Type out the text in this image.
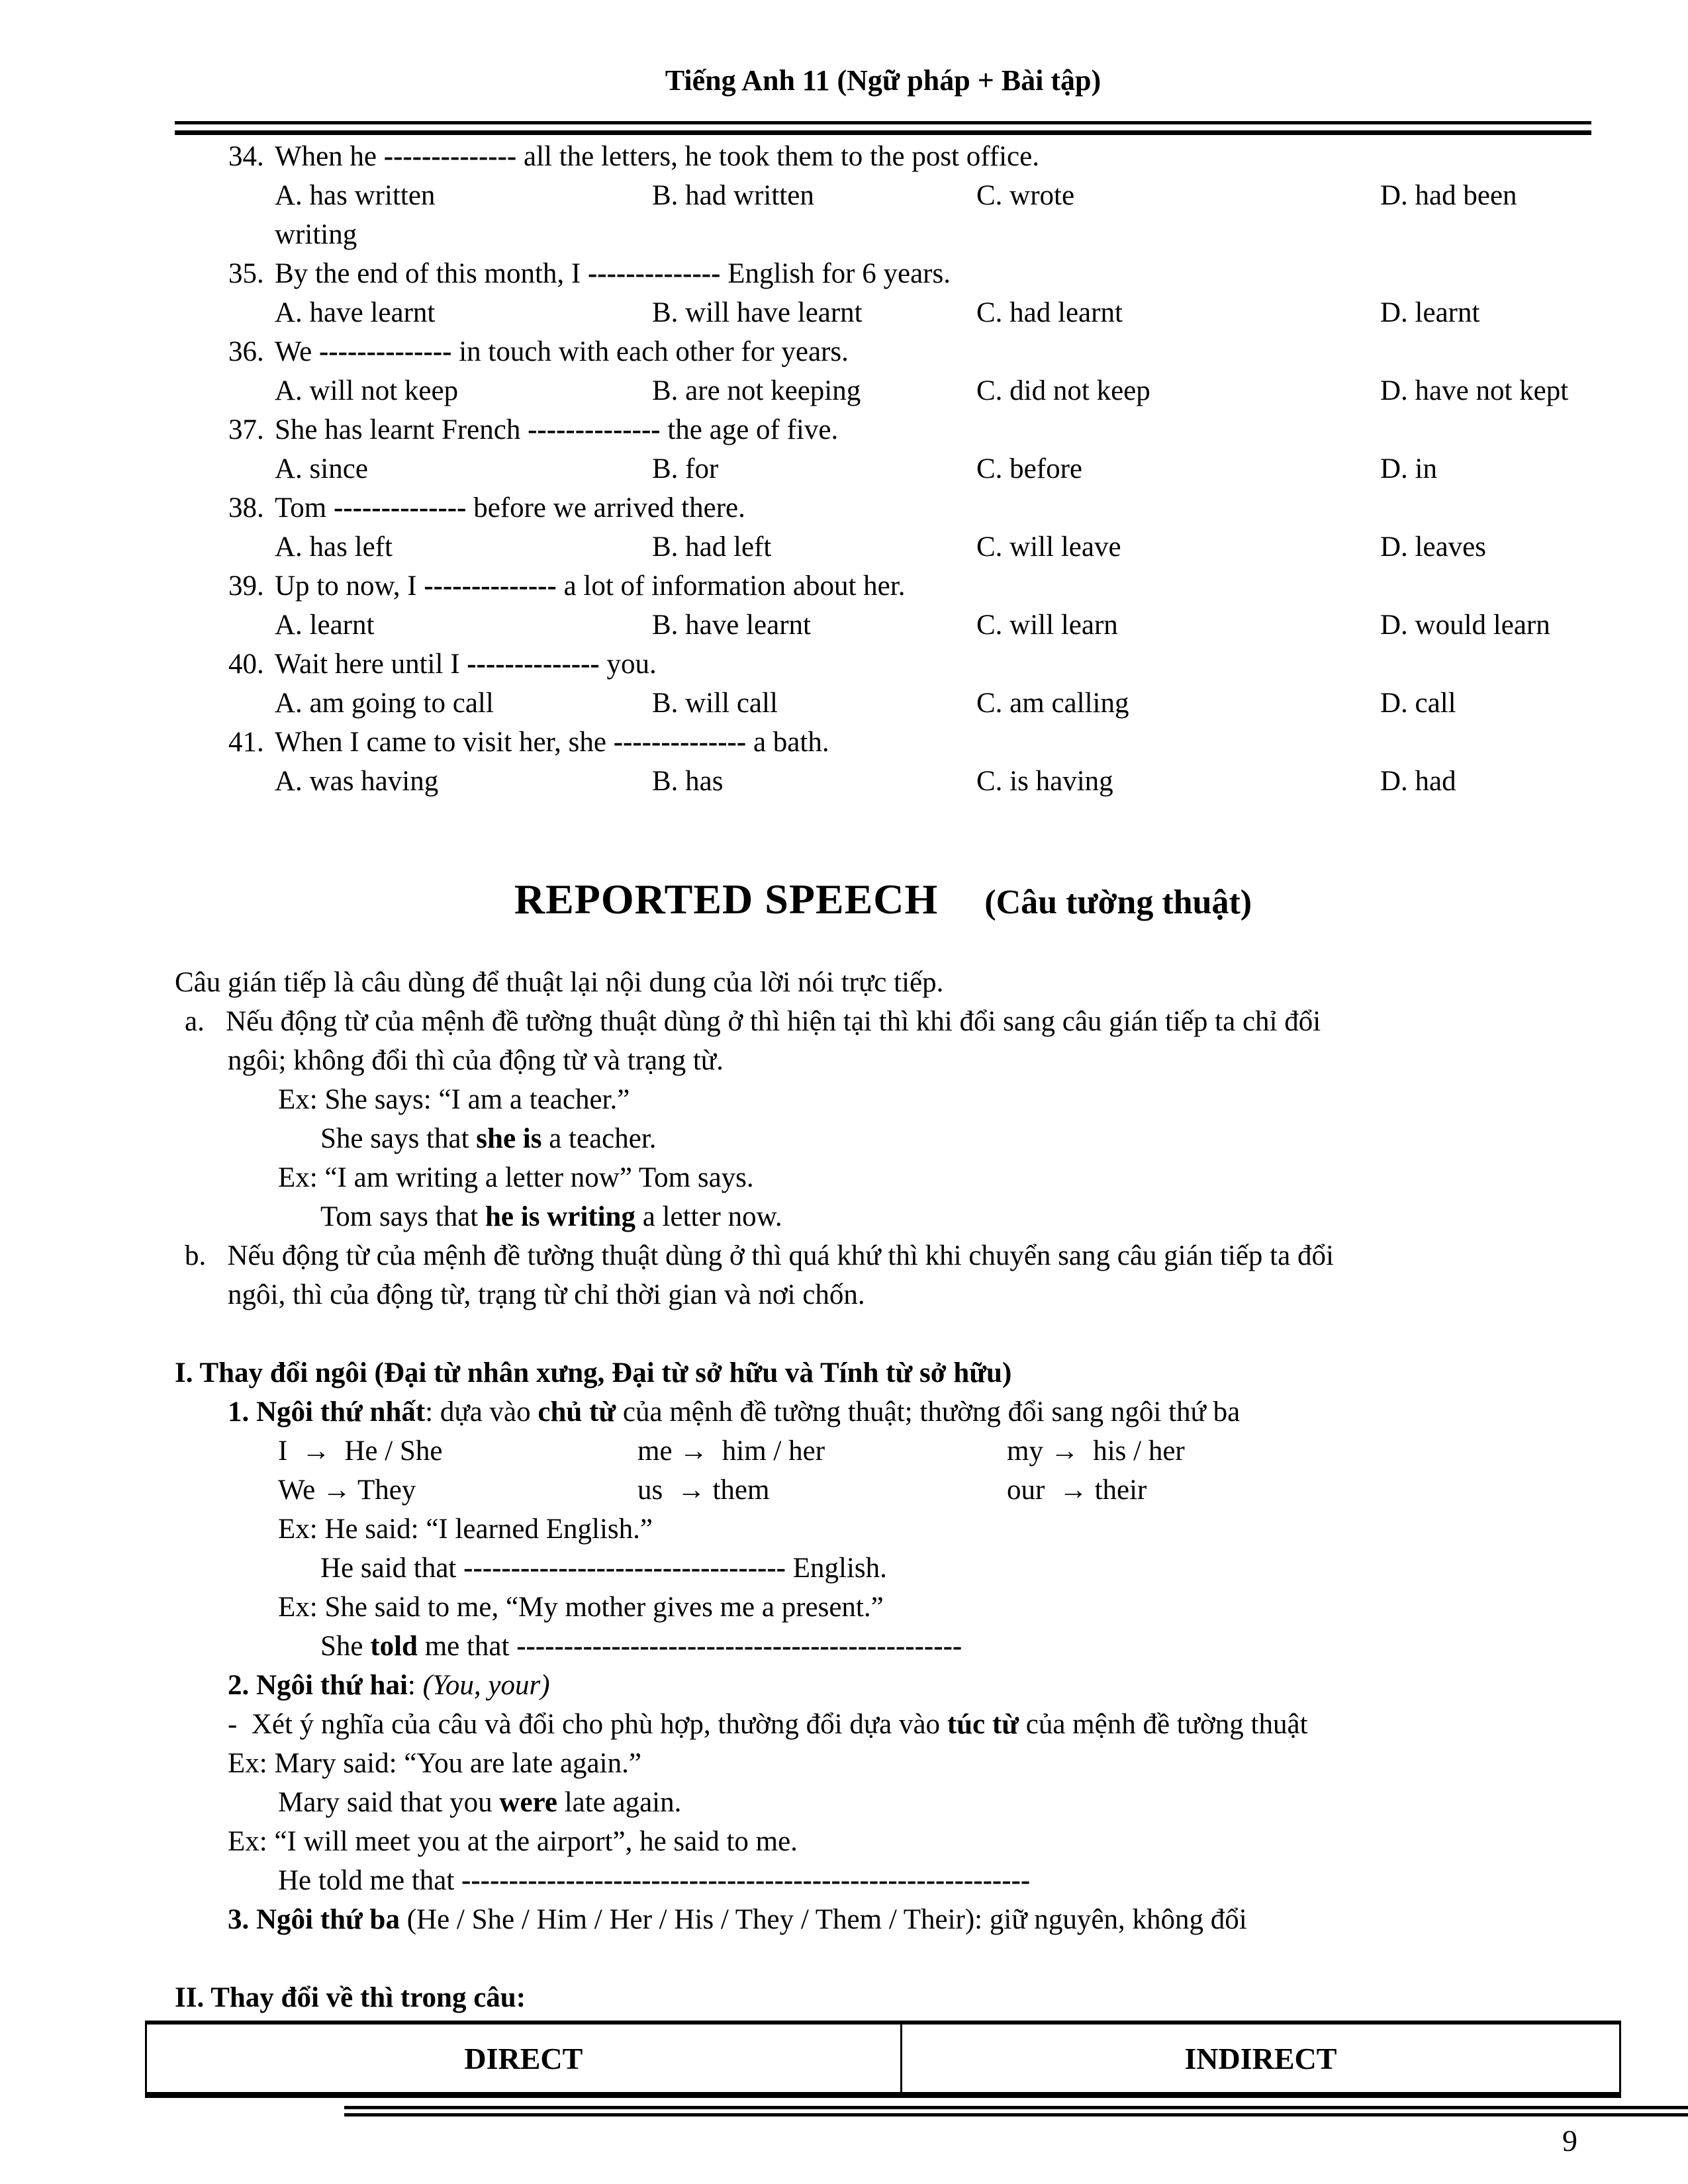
Tiếng Anh 11 (Ngữ pháp + Bài tập)
34. When he -------------- all the letters, he took them to the post office.
A. has written	B. had written	C. wrote	D. had been
writing
35. By the end of this month, I -------------- English for 6 years.
A. have learnt	B. will have learnt	C. had learnt	D. learnt
36. We -------------- in touch with each other for years.
A. will not keep	B. are not keeping	C. did not keep	D. have not kept
37. She has learnt French -------------- the age of five.
A. since	B. for	C. before	D. in
38. Tom -------------- before we arrived there.
A. has left	B. had left	C. will leave	D. leaves
39. Up to now, I -------------- a lot of information about her.
A. learnt	B. have learnt	C. will learn	D. would learn
40. Wait here until I -------------- you.
A. am going to call	B. will call	C. am calling	D. call
41. When I came to visit her, she -------------- a bath.
A. was having	B. has	C. is having	D. had
REPORTED SPEECH (Câu tường thuật)
Câu gián tiếp là câu dùng để thuật lại nội dung của lời nói trực tiếp.
a.   Nếu động từ của mệnh đề tường thuật dùng ở thì hiện tại thì khi đổi sang câu gián tiếp ta chỉ đổi
ngôi; không đổi thì của động từ và trạng từ.
Ex: She says: “I am a teacher.”
She says that she is a teacher.
Ex: “I am writing a letter now” Tom says.
Tom says that he is writing a letter now.
b.   Nếu động từ của mệnh đề tường thuật dùng ở thì quá khứ thì khi chuyển sang câu gián tiếp ta đổi
ngôi, thì của động từ, trạng từ chỉ thời gian và nơi chốn.
I. Thay đổi ngôi (Đại từ nhân xưng, Đại từ sở hữu và Tính từ sở hữu)
1. Ngôi thứ nhất: dựa vào chủ từ của mệnh đề tường thuật; thường đổi sang ngôi thứ ba
I  →  He / She	me →  him / her	my →  his / her
We → They	us  → them	our  → their
Ex: He said: “I learned English.”
He said that ---------------------------------- English.
Ex: She said to me, “My mother gives me a present.”
She told me that -----------------------------------------------
2. Ngôi thứ hai: (You, your)
-  Xét ý nghĩa của câu và đổi cho phù hợp, thường đổi dựa vào túc từ của mệnh đề tường thuật
Ex: Mary said: “You are late again.”
Mary said that you were late again.
Ex: “I will meet you at the airport”, he said to me.
He told me that ------------------------------------------------------------
3. Ngôi thứ ba (He / She / Him / Her / His / They / Them / Their): giữ nguyên, không đổi
II. Thay đổi về thì trong câu:
DIRECT	INDIRECT
9
